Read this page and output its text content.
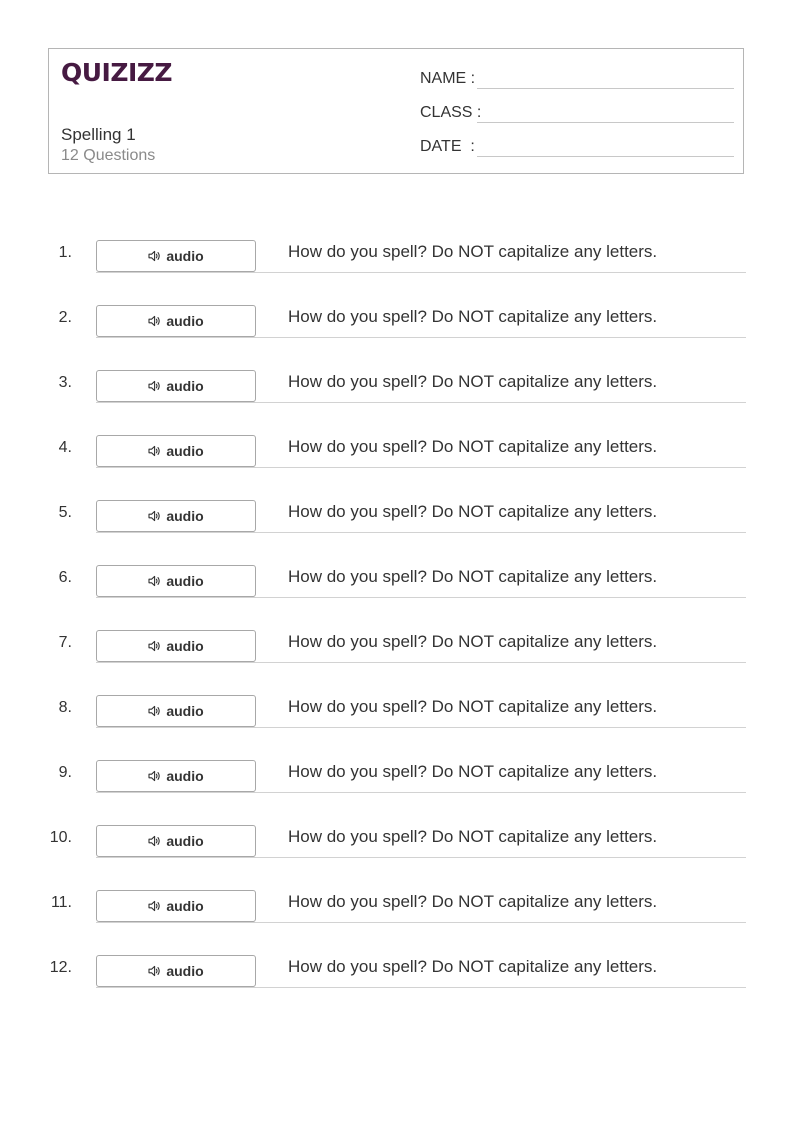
QUIZIZZ
Spelling 1
12 Questions
NAME :
CLASS :
DATE  :
1.	audio	How do you spell? Do NOT capitalize any letters.
2.	audio	How do you spell? Do NOT capitalize any letters.
3.	audio	How do you spell? Do NOT capitalize any letters.
4.	audio	How do you spell? Do NOT capitalize any letters.
5.	audio	How do you spell? Do NOT capitalize any letters.
6.	audio	How do you spell? Do NOT capitalize any letters.
7.	audio	How do you spell? Do NOT capitalize any letters.
8.	audio	How do you spell? Do NOT capitalize any letters.
9.	audio	How do you spell? Do NOT capitalize any letters.
10.	audio	How do you spell? Do NOT capitalize any letters.
11.	audio	How do you spell? Do NOT capitalize any letters.
12.	audio	How do you spell? Do NOT capitalize any letters.
